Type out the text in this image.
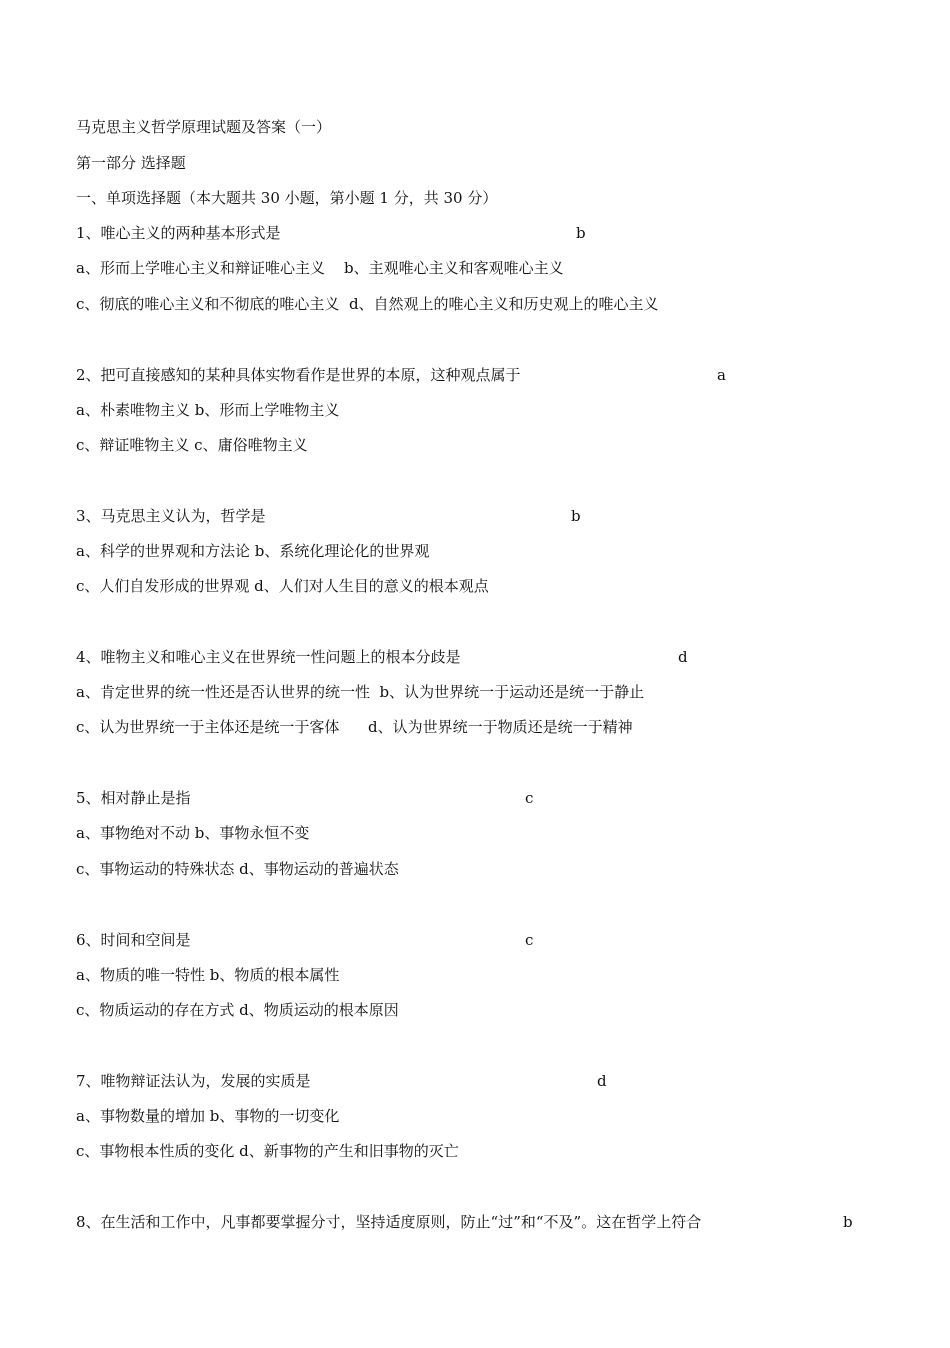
马克思主义哲学原理试题及答案（一）
第一部分 选择题
一、单项选择题（本大题共 30 小题，第小题 1 分，共 30 分）
1、唯心主义的两种基本形式是	b
a、形而上学唯心主义和辩证唯心主义    b、主观唯心主义和客观唯心主义
c、彻底的唯心主义和不彻底的唯心主义  d、自然观上的唯心主义和历史观上的唯心主义
2、把可直接感知的某种具体实物看作是世界的本原，这种观点属于	a
a、朴素唯物主义 b、形而上学唯物主义
c、辩证唯物主义 c、庸俗唯物主义
3、马克思主义认为，哲学是	b
a、科学的世界观和方法论 b、系统化理论化的世界观
c、人们自发形成的世界观 d、人们对人生目的意义的根本观点
4、唯物主义和唯心主义在世界统一性问题上的根本分歧是	d
a、肯定世界的统一性还是否认世界的统一性  b、认为世界统一于运动还是统一于静止
c、认为世界统一于主体还是统一于客体      d、认为世界统一于物质还是统一于精神
5、相对静止是指	c
a、事物绝对不动 b、事物永恒不变
c、事物运动的特殊状态 d、事物运动的普遍状态
6、时间和空间是	c
a、物质的唯一特性 b、物质的根本属性
c、物质运动的存在方式 d、物质运动的根本原因
7、唯物辩证法认为，发展的实质是	d
a、事物数量的增加 b、事物的一切变化
c、事物根本性质的变化 d、新事物的产生和旧事物的灭亡
8、在生活和工作中，凡事都要掌握分寸，坚持适度原则，防止“过”和“不及”。这在哲学上符合	b
